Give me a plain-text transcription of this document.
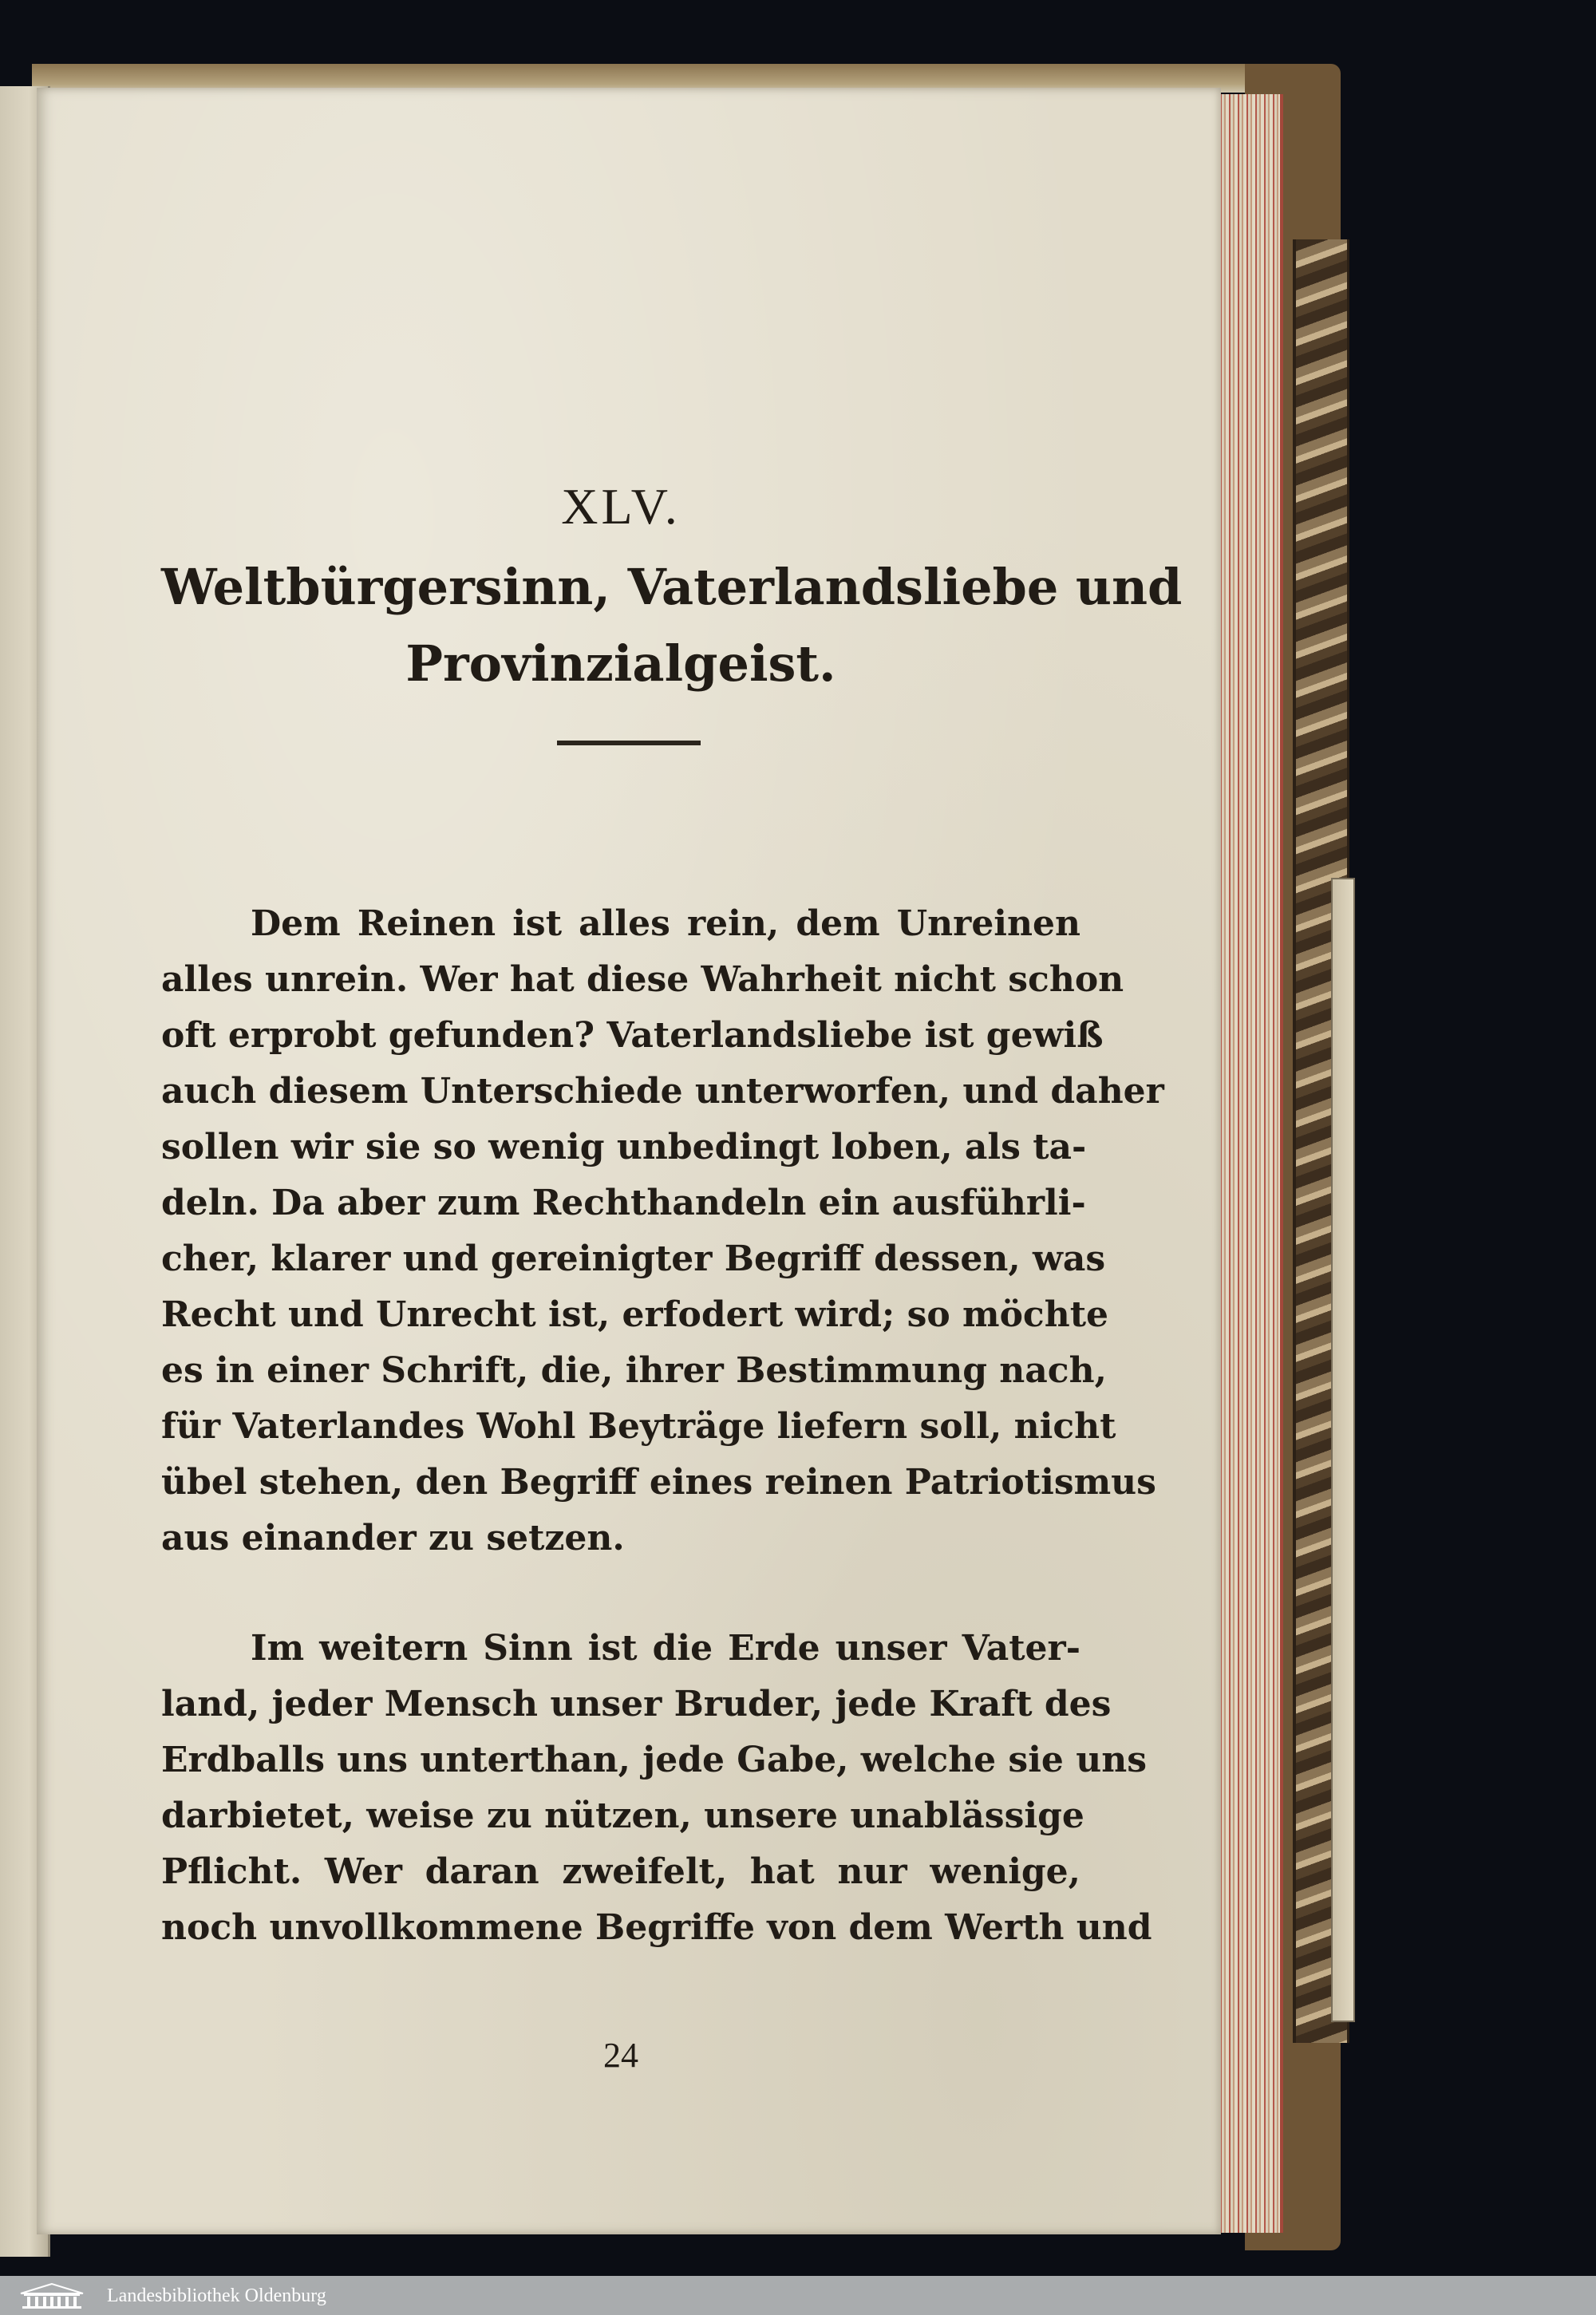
XLV.
Weltbürgersinn, Vaterlandsliebe und
Provinzialgeist.
Dem Reinen ist alles rein, dem Unreinen
alles unrein. Wer hat diese Wahrheit nicht schon
oft erprobt gefunden? Vaterlandsliebe ist gewiß
auch diesem Unterschiede unterworfen, und daher
sollen wir sie so wenig unbedingt loben, als ta-
deln. Da aber zum Rechthandeln ein ausführli-
cher, klarer und gereinigter Begriff dessen, was
Recht und Unrecht ist, erfodert wird; so möchte
es in einer Schrift, die, ihrer Bestimmung nach,
für Vaterlandes Wohl Beyträge liefern soll, nicht
übel stehen, den Begriff eines reinen Patriotismus
aus einander zu setzen.
Im weitern Sinn ist die Erde unser Vater-
land, jeder Mensch unser Bruder, jede Kraft des
Erdballs uns unterthan, jede Gabe, welche sie uns
darbietet, weise zu nützen, unsere unablässige
Pflicht. Wer daran zweifelt, hat nur wenige,
noch unvollkommene Begriffe von dem Werth und
24
Landesbibliothek Oldenburg
